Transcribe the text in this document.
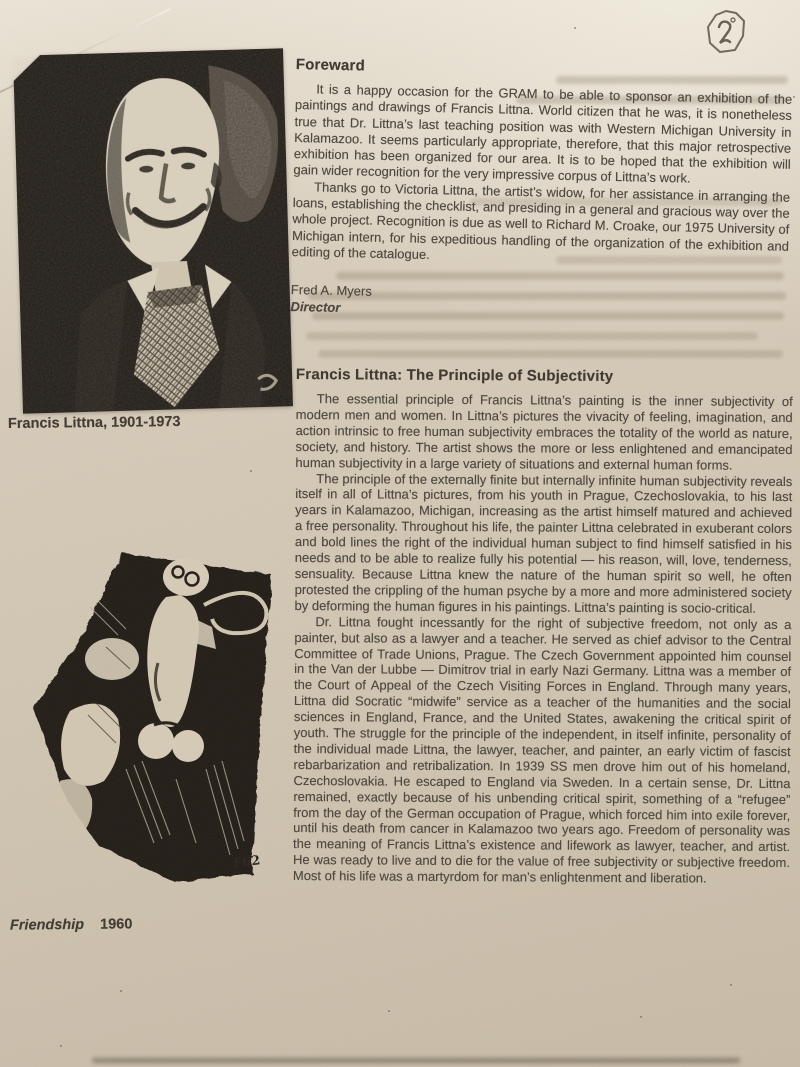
2
Francis Littna, 1901-1973
F62
Friendship 1960
Foreward

It is a happy occasion for the GRAM to be able to sponsor an exhibition of the paintings and drawings of Francis Littna. World citizen that he was, it is nonetheless true that Dr. Littna’s last teaching position was with Western Michigan University in Kalamazoo. It seems particularly appropriate, therefore, that this major retrospective exhibition has been organized for our area. It is to be hoped that the exhibition will gain wider recognition for the very impressive corpus of Littna’s work.

Thanks go to Victoria Littna, the artist’s widow, for her assistance in arranging the loans, establishing the checklist, and presiding in a general and gracious way over the whole project. Recognition is due as well to Richard M. Croake, our 1975 University of Michigan intern, for his expeditious handling of the organization of the exhibition and editing of the catalogue.

Fred A. Myers
Director
Francis Littna: The Principle of Subjectivity

The essential principle of Francis Littna’s painting is the inner subjectivity of modern men and women. In Littna’s pictures the vivacity of feeling, imagination, and action intrinsic to free human subjectivity embraces the totality of the world as nature, society, and history. The artist shows the more or less enlightened and emancipated human subjectivity in a large variety of situations and external human forms.

The principle of the externally finite but internally infinite human subjectivity reveals itself in all of Littna’s pictures, from his youth in Prague, Czechoslovakia, to his last years in Kalamazoo, Michigan, increasing as the artist himself matured and achieved a free personality. Throughout his life, the painter Littna celebrated in exuberant colors and bold lines the right of the individual human subject to find himself satisfied in his needs and to be able to realize fully his potential — his reason, will, love, tenderness, sensuality. Because Littna knew the nature of the human spirit so well, he often protested the crippling of the human psyche by a more and more administered society by deforming the human figures in his paintings. Littna’s painting is socio-critical.

Dr. Littna fought incessantly for the right of subjective freedom, not only as a painter, but also as a lawyer and a teacher. He served as chief advisor to the Central Committee of Trade Unions, Prague. The Czech Government appointed him counsel in the Van der Lubbe — Dimitrov trial in early Nazi Germany. Littna was a member of the Court of Appeal of the Czech Visiting Forces in England. Through many years, Littna did Socratic “midwife” service as a teacher of the humanities and the social sciences in England, France, and the United States, awakening the critical spirit of youth. The struggle for the principle of the independent, in itself infinite, personality of the individual made Littna, the lawyer, teacher, and painter, an early victim of fascist rebarbarization and retribalization. In 1939 SS men drove him out of his homeland, Czechoslovakia. He escaped to England via Sweden. In a certain sense, Dr. Littna remained, exactly because of his unbending critical spirit, something of a “refugee” from the day of the German occupation of Prague, which forced him into exile forever, until his death from cancer in Kalamazoo two years ago. Freedom of personality was the meaning of Francis Littna’s existence and lifework as lawyer, teacher, and artist. He was ready to live and to die for the value of free subjectivity or subjective freedom. Most of his life was a martyrdom for man’s enlightenment and liberation.
